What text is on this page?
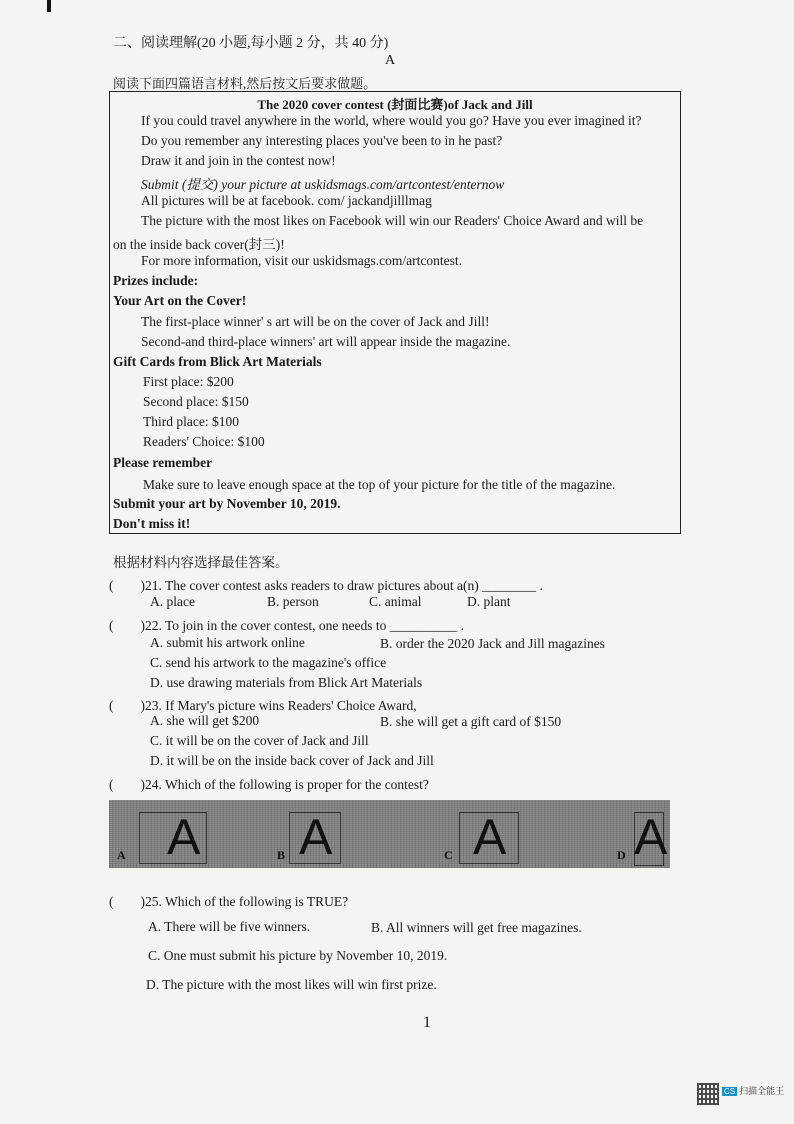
二、阅读理解(20 小题,每小题 2 分，共 40 分)
A
阅读下面四篇语言材料,然后按文后要求做题。
The 2020 cover contest (封面比赛)of Jack and Jill
If you could travel anywhere in the world, where would you go? Have you ever imagined it?
Do you remember any interesting places you've been to in he past?
Draw it and join in the contest now!
Submit (提交) your picture at uskidsmags.com/artcontest/enternow
All pictures will be at facebook. com/ jackandjilllmag
The picture with the most likes on Facebook will win our Readers' Choice Award and will be
on the inside back cover(封三)!
For more information, visit our uskidsmags.com/artcontest.
Prizes include:
Your Art on the Cover!
The first-place winner' s art will be on the cover of Jack and Jill!
Second-and third-place winners' art will appear inside the magazine.
Gift Cards from Blick Art Materials
First place: $200
Second place: $150
Third place: $100
Readers' Choice: $100
Please remember
Make sure to leave enough space at the top of your picture for the title of the magazine.
Submit your art by November 10, 2019.
Don't miss it!
根据材料内容选择最佳答案。
(　　)21. The cover contest asks readers to draw pictures about a(n) ________ .
A. place	B. person	C. animal	D. plant
(　　)22. To join in the cover contest, one needs to __________ .
A. submit his artwork online	B. order the 2020 Jack and Jill magazines
C. send his artwork to the magazine's office
D. use drawing materials from Blick Art Materials
(　　)23. If Mary's picture wins Readers' Choice Award,
A. she will get $200	B. she will get a gift card of $150
C. it will be on the cover of Jack and Jill
D. it will be on the inside back cover of Jack and Jill
(　　)24. Which of the following is proper for the contest?
A A	B A	C A	D A
(　　)25. Which of the following is TRUE?
A. There will be five winners.	B. All winners will get free magazines.
C. One must submit his picture by November 10, 2019.
D. The picture with the most likes will win first prize.
1
CS 扫描全能王
